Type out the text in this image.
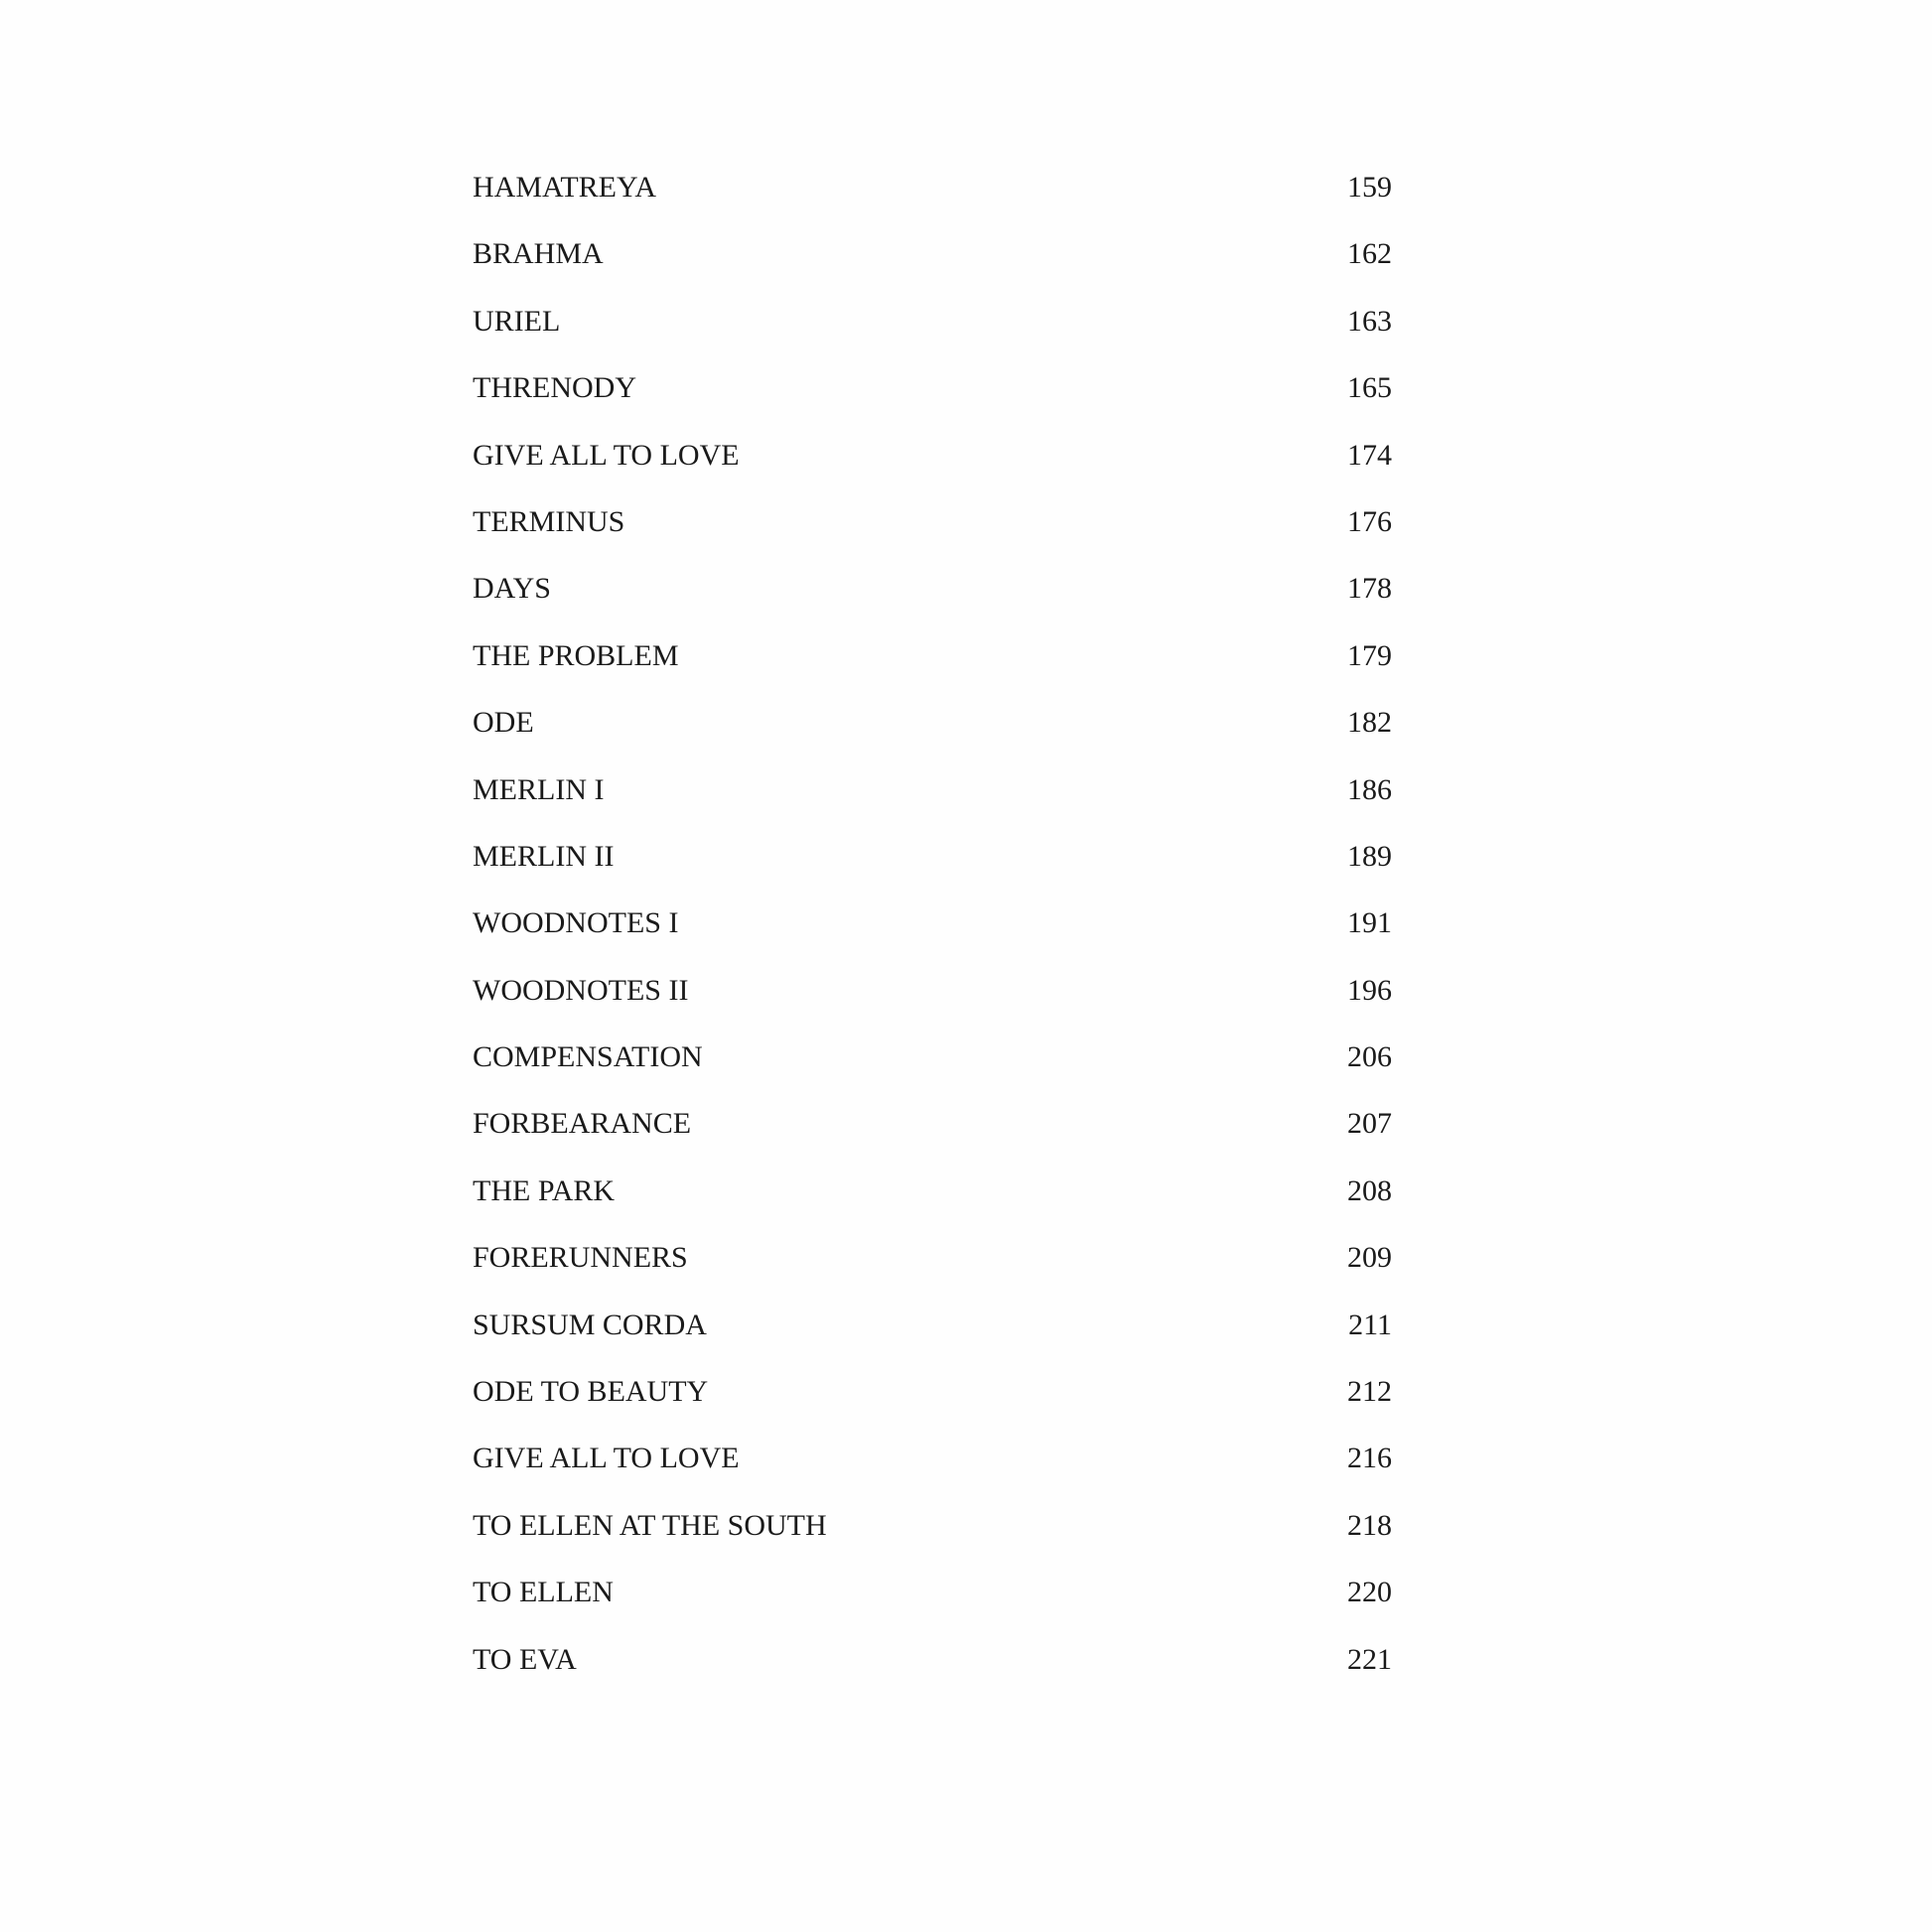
HAMATREYA	159
BRAHMA	162
URIEL	163
THRENODY	165
GIVE ALL TO LOVE	174
TERMINUS	176
DAYS	178
THE PROBLEM	179
ODE	182
MERLIN I	186
MERLIN II	189
WOODNOTES I	191
WOODNOTES II	196
COMPENSATION	206
FORBEARANCE	207
THE PARK	208
FORERUNNERS	209
SURSUM CORDA	211
ODE TO BEAUTY	212
GIVE ALL TO LOVE	216
TO ELLEN AT THE SOUTH	218
TO ELLEN	220
TO EVA	221
